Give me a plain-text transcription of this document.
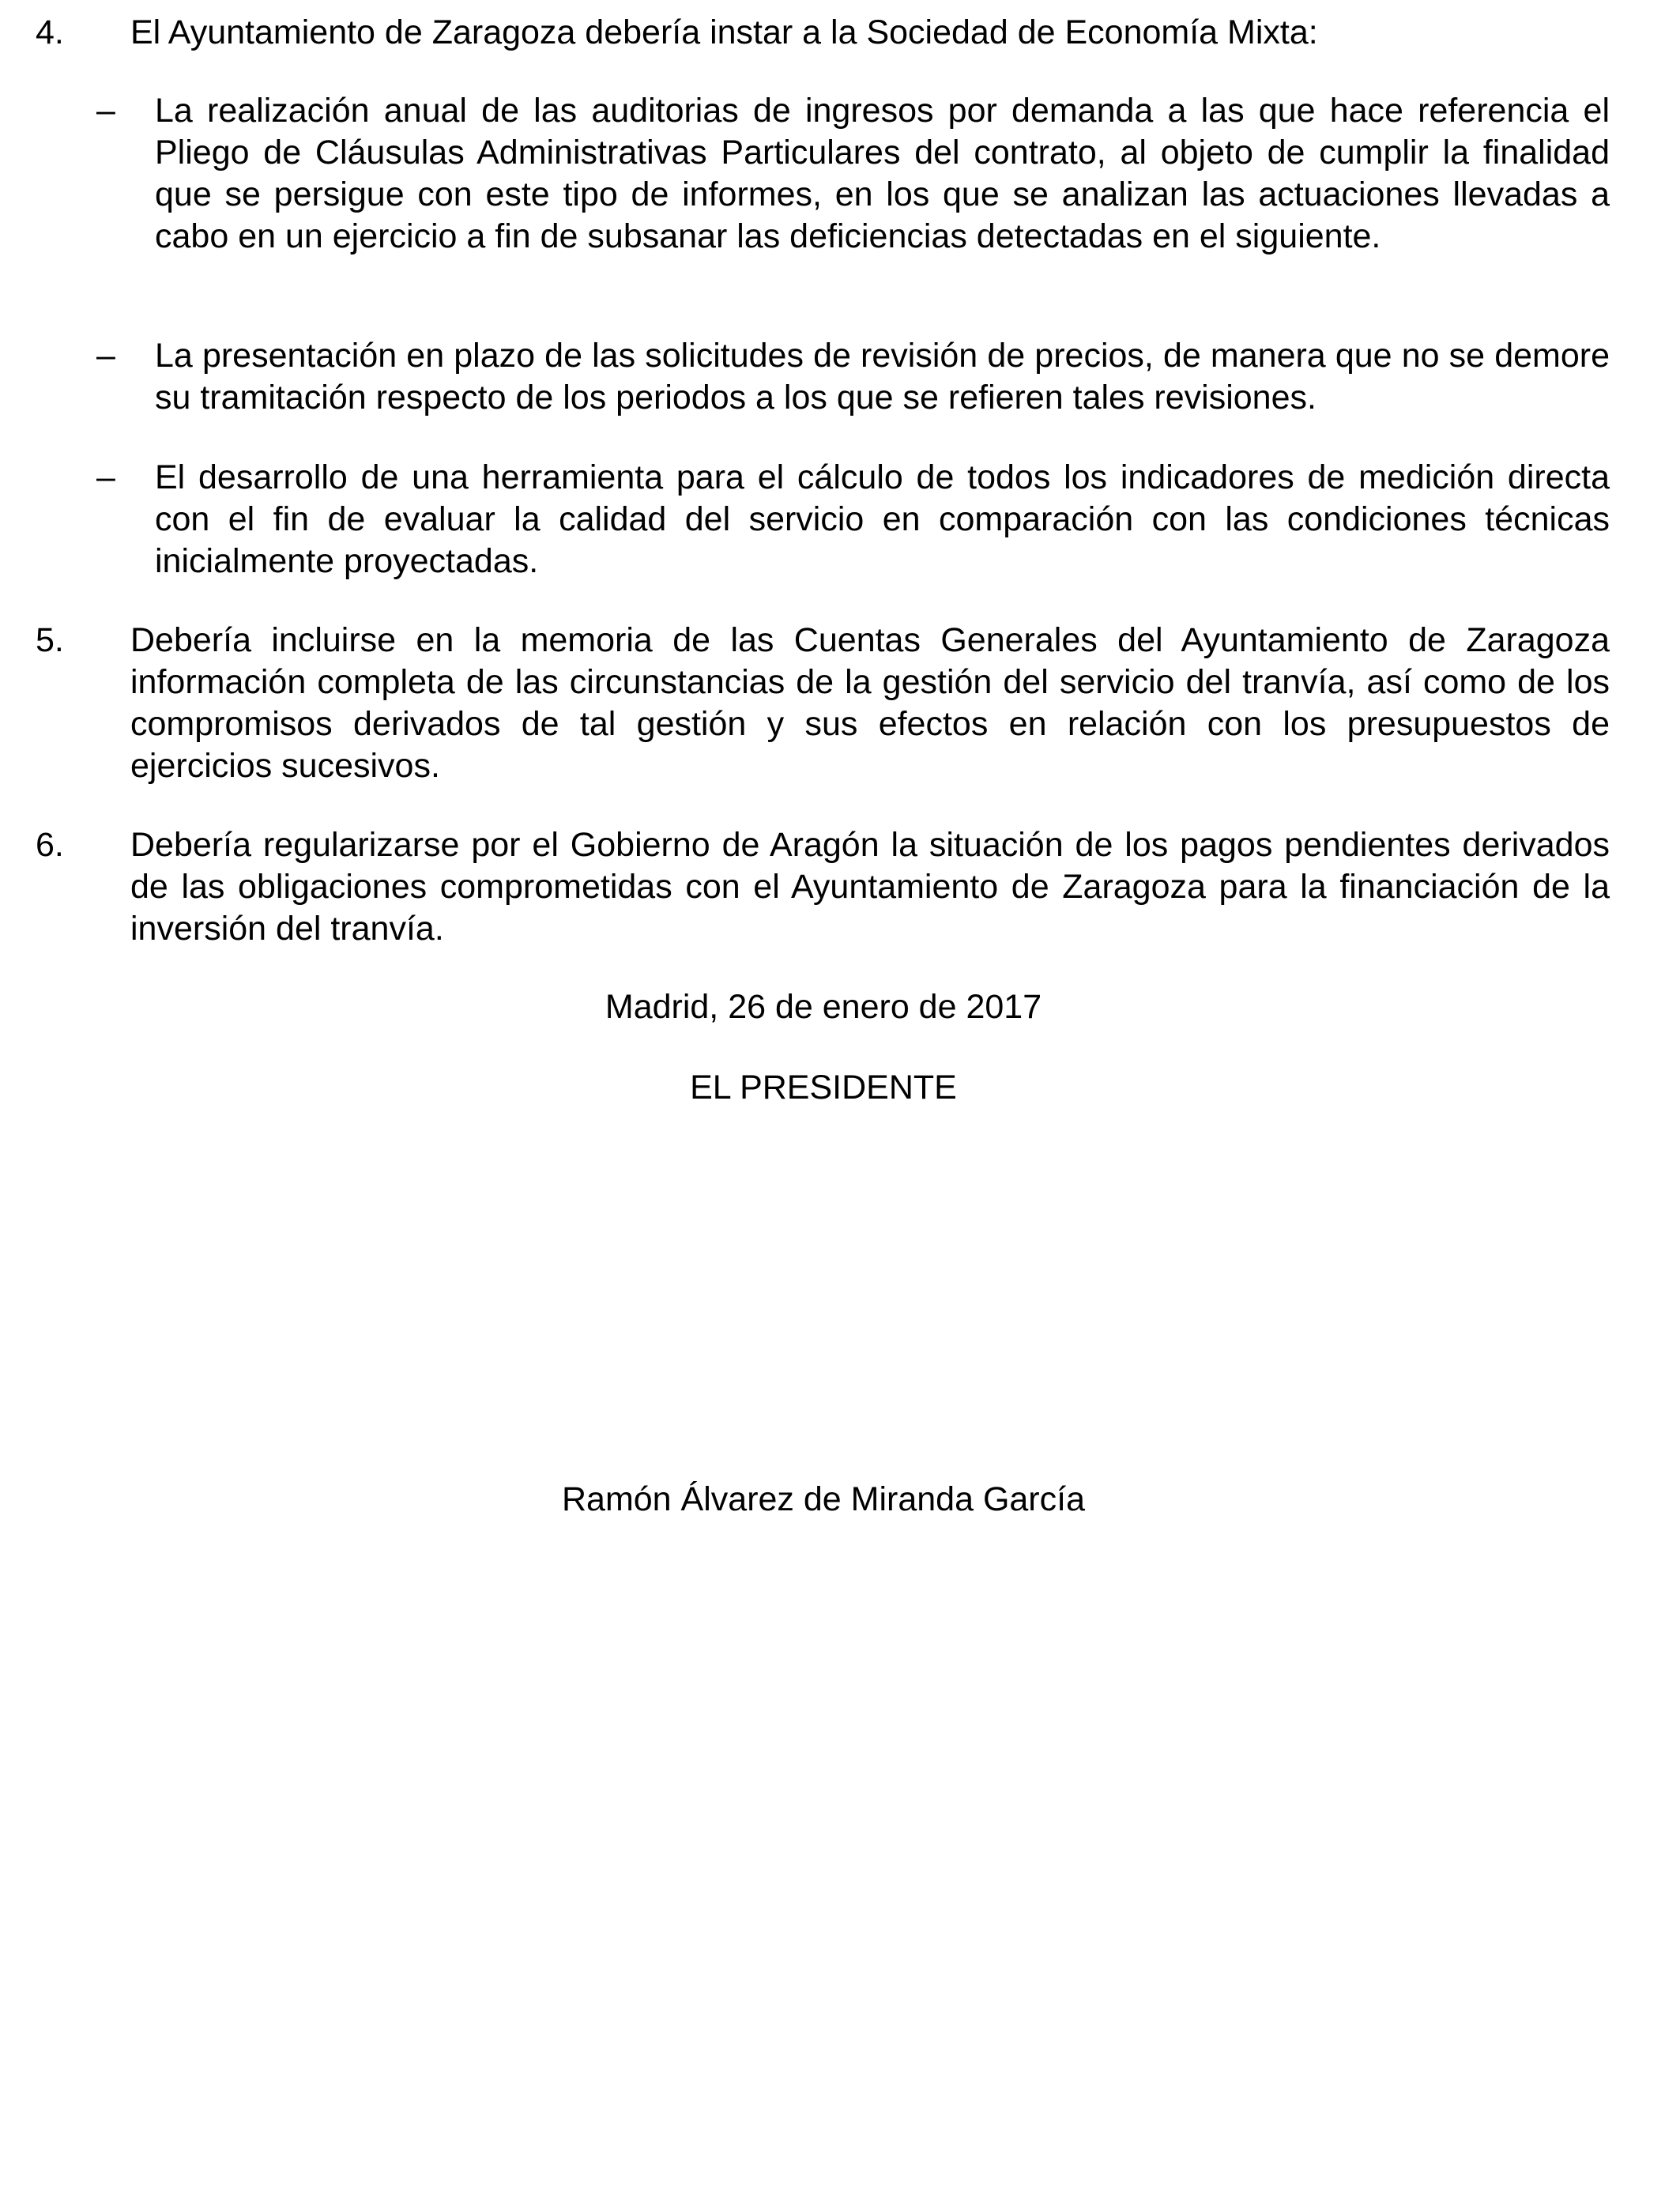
4. El Ayuntamiento de Zaragoza debería instar a la Sociedad de Economía Mixta:
– La realización anual de las auditorias de ingresos por demanda a las que hace referencia el Pliego de Cláusulas Administrativas Particulares del contrato, al objeto de cumplir la finalidad que se persigue con este tipo de informes, en los que se analizan las actuaciones llevadas a cabo en un ejercicio a fin de subsanar las deficiencias detectadas en el siguiente.
– La presentación en plazo de las solicitudes de revisión de precios, de manera que no se demore su tramitación respecto de los periodos a los que se refieren tales revisiones.
– El desarrollo de una herramienta para el cálculo de todos los indicadores de medición directa con el fin de evaluar la calidad del servicio en comparación con las condiciones técnicas inicialmente proyectadas.
5. Debería incluirse en la memoria de las Cuentas Generales del Ayuntamiento de Zaragoza información completa de las circunstancias de la gestión del servicio del tranvía, así como de los compromisos derivados de tal gestión y sus efectos en relación con los presupuestos de ejercicios sucesivos.
6. Debería regularizarse por el Gobierno de Aragón la situación de los pagos pendientes derivados de las obligaciones comprometidas con el Ayuntamiento de Zaragoza para la financiación de la inversión del tranvía.
Madrid, 26 de enero de 2017
EL PRESIDENTE
Ramón Álvarez de Miranda García
